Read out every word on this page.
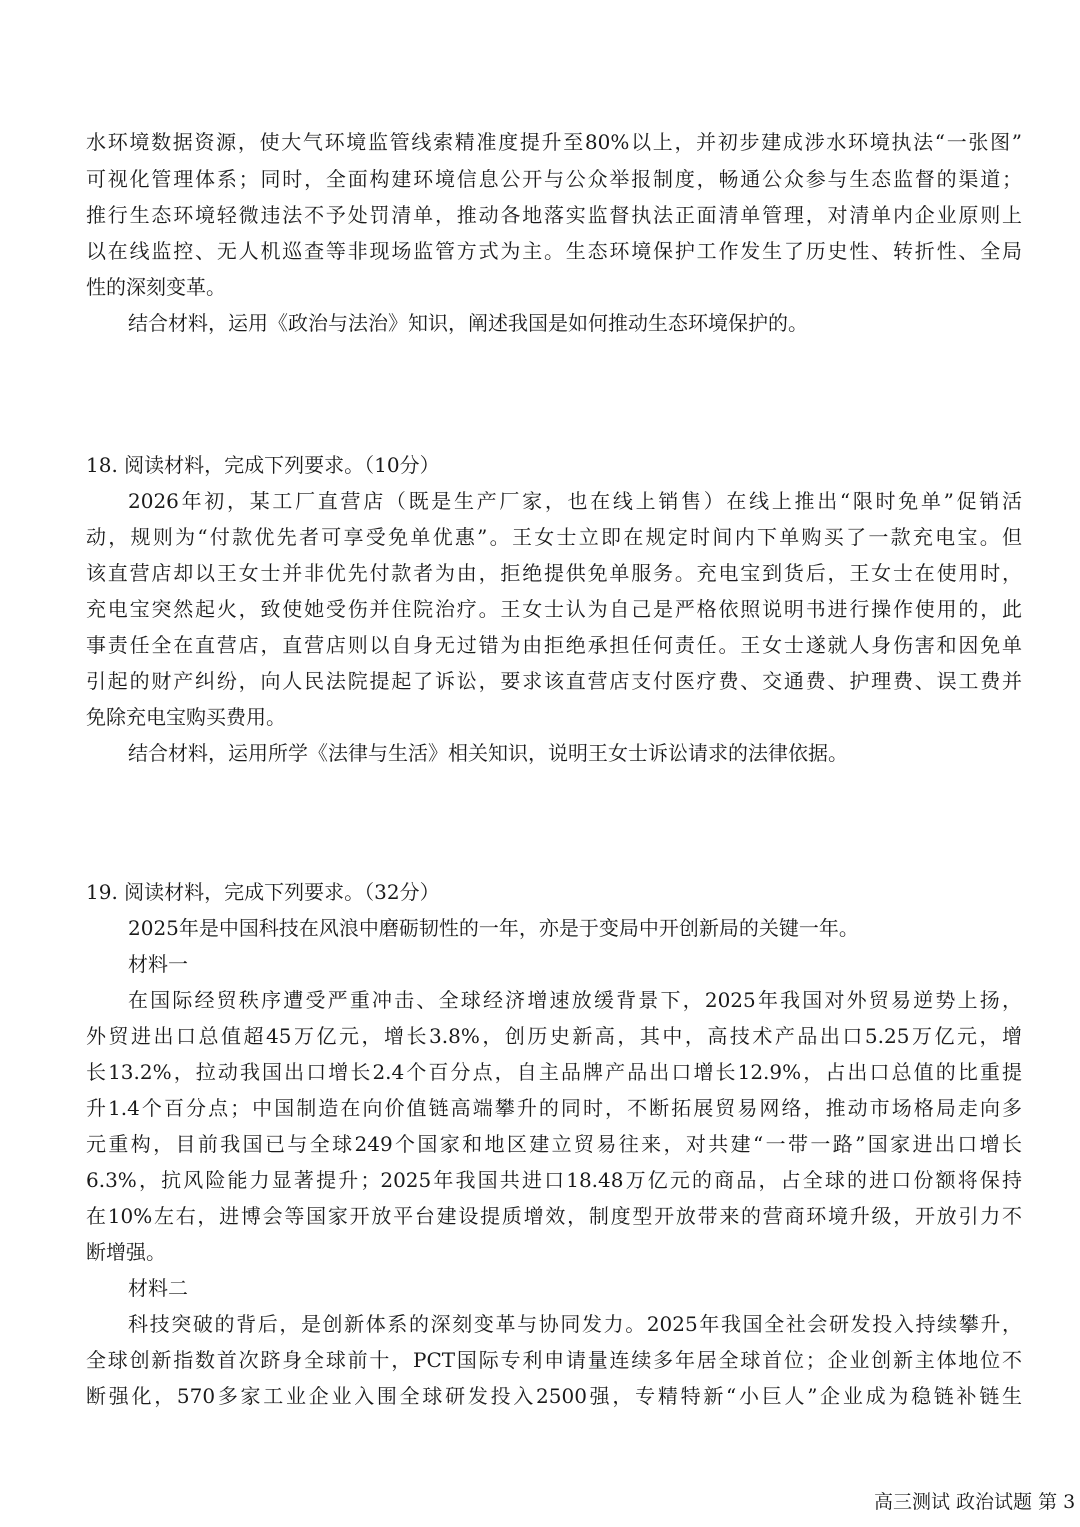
水环境数据资源，使大气环境监管线索精准度提升至80%以上，并初步建成涉水环境执法“一张图”
可视化管理体系；同时，全面构建环境信息公开与公众举报制度，畅通公众参与生态监督的渠道；
推行生态环境轻微违法不予处罚清单，推动各地落实监督执法正面清单管理，对清单内企业原则上
以在线监控、无人机巡查等非现场监管方式为主。生态环境保护工作发生了历史性、转折性、全局
性的深刻变革。
结合材料，运用《政治与法治》知识，阐述我国是如何推动生态环境保护的。
18. 阅读材料，完成下列要求。（10分）
2026年初，某工厂直营店（既是生产厂家，也在线上销售）在线上推出“限时免单”促销活
动，规则为“付款优先者可享受免单优惠”。王女士立即在规定时间内下单购买了一款充电宝。但
该直营店却以王女士并非优先付款者为由，拒绝提供免单服务。充电宝到货后，王女士在使用时，
充电宝突然起火，致使她受伤并住院治疗。王女士认为自己是严格依照说明书进行操作使用的，此
事责任全在直营店，直营店则以自身无过错为由拒绝承担任何责任。王女士遂就人身伤害和因免单
引起的财产纠纷，向人民法院提起了诉讼，要求该直营店支付医疗费、交通费、护理费、误工费并
免除充电宝购买费用。
结合材料，运用所学《法律与生活》相关知识，说明王女士诉讼请求的法律依据。
19. 阅读材料，完成下列要求。（32分）
2025年是中国科技在风浪中磨砺韧性的一年，亦是于变局中开创新局的关键一年。
材料一
在国际经贸秩序遭受严重冲击、全球经济增速放缓背景下，2025年我国对外贸易逆势上扬，
外贸进出口总值超45万亿元，增长3.8%，创历史新高，其中，高技术产品出口5.25万亿元，增
长13.2%，拉动我国出口增长2.4个百分点，自主品牌产品出口增长12.9%，占出口总值的比重提
升1.4个百分点；中国制造在向价值链高端攀升的同时，不断拓展贸易网络，推动市场格局走向多
元重构，目前我国已与全球249个国家和地区建立贸易往来，对共建“一带一路”国家进出口增长
6.3%，抗风险能力显著提升；2025年我国共进口18.48万亿元的商品，占全球的进口份额将保持
在10%左右，进博会等国家开放平台建设提质增效，制度型开放带来的营商环境升级，开放引力不
断增强。
材料二
科技突破的背后，是创新体系的深刻变革与协同发力。2025年我国全社会研发投入持续攀升，
全球创新指数首次跻身全球前十，PCT国际专利申请量连续多年居全球首位；企业创新主体地位不
断强化，570多家工业企业入围全球研发投入2500强，专精特新“小巨人”企业成为稳链补链生
高三测试 政治试题 第 3
